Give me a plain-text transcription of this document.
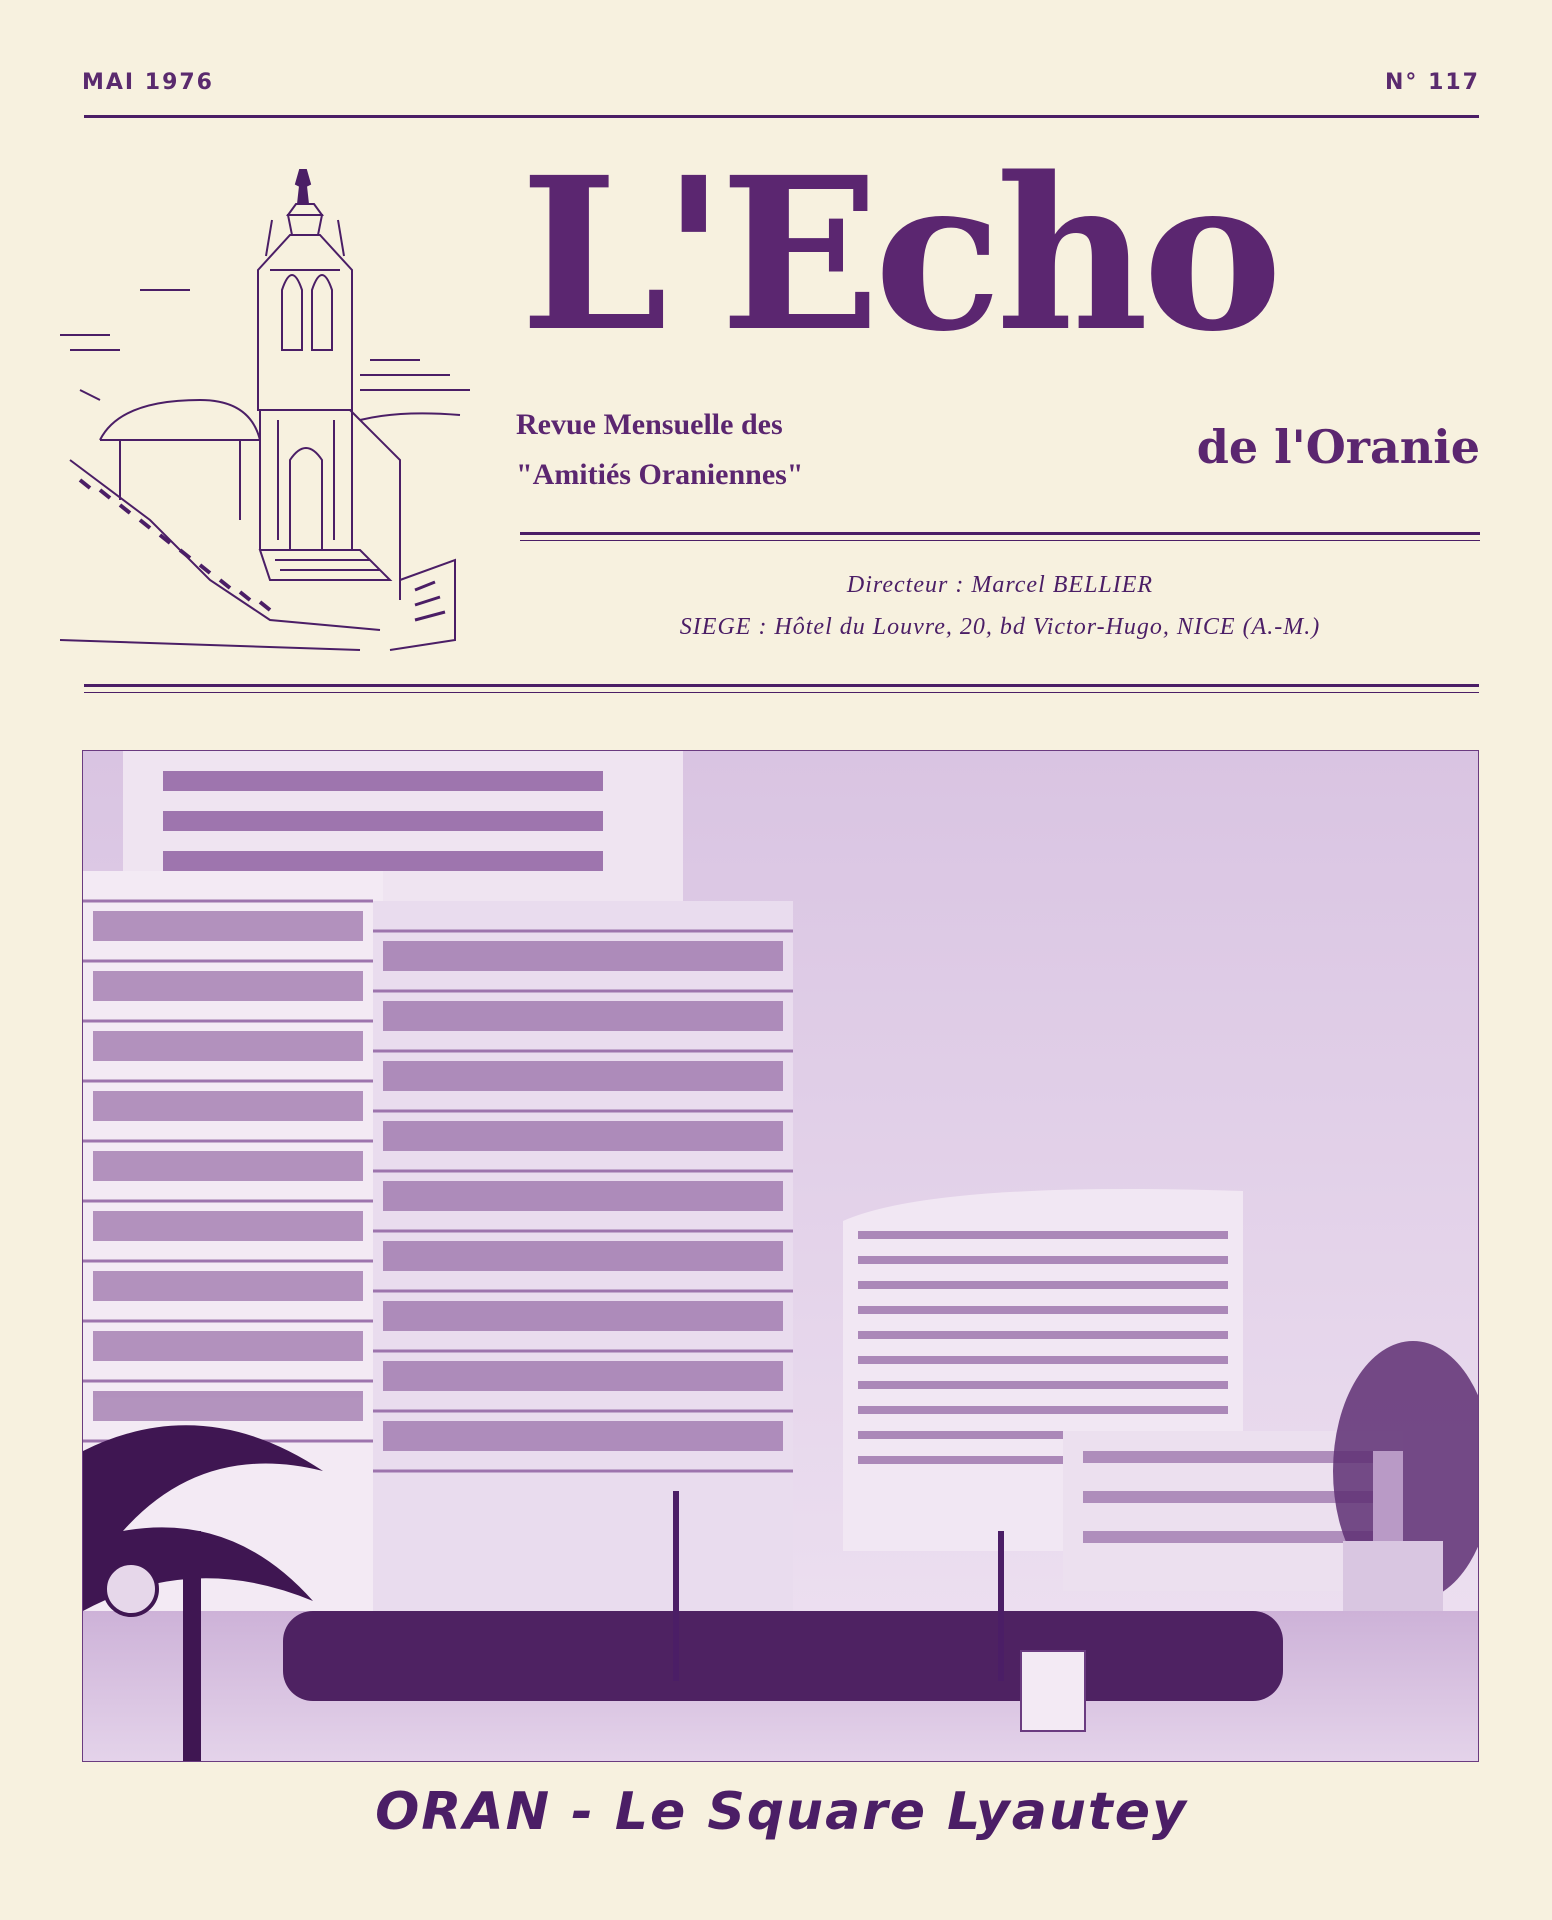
MAI 1976	N° 117
L'Echo
Revue Mensuelle des
"Amitiés Oraniennes"
de l'Oranie
Directeur : Marcel BELLIER
SIEGE : Hôtel du Louvre, 20, bd Victor-Hugo, NICE (A.-M.)
ORAN - Le Square Lyautey
